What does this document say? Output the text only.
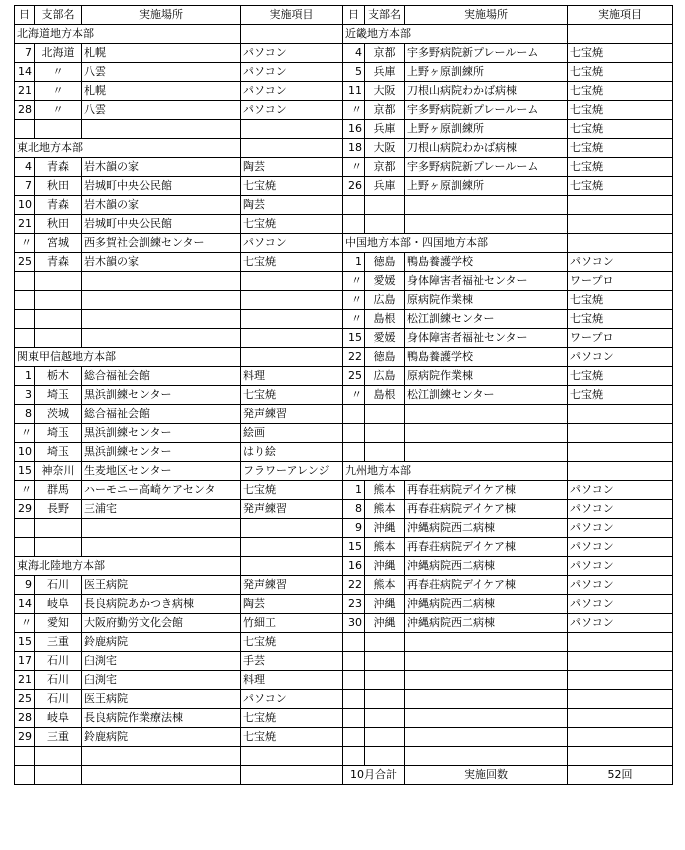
日	支部名	実施場所	実施項目
北海道地方本部			
7	北海道	札幌	パソコン
14	〃	八雲	パソコン
21	〃	札幌	パソコン
28	〃	八雲	パソコン

東北地方本部			
4	青森	岩木韻の家	陶芸
7	秋田	岩城町中央公民館	七宝焼
10	青森	岩木韻の家	陶芸
21	秋田	岩城町中央公民館	七宝焼
〃	宮城	西多賀社会訓練センター	パソコン
25	青森	岩木韻の家	七宝焼

関東甲信越地方本部			
1	栃木	総合福祉会館	料理
3	埼玉	黒浜訓練センター	七宝焼
8	茨城	総合福祉会館	発声練習
〃	埼玉	黒浜訓練センター	絵画
10	埼玉	黒浜訓練センター	はり絵
15	神奈川	生麦地区センター	フラワーアレンジ
〃	群馬	ハーモニー高崎ケアセンタ	七宝焼
29	長野	三浦宅	発声練習

東海北陸地方本部			
9	石川	医王病院	発声練習
14	岐阜	長良病院あかつき病棟	陶芸
〃	愛知	大阪府勤労文化会館	竹細工
15	三重	鈴鹿病院	七宝焼
17	石川	臼渕宅	手芸
21	石川	臼渕宅	料理
25	石川	医王病院	パソコン
28	岐阜	長良病院作業療法棟	七宝焼
29	三重	鈴鹿病院	七宝焼

日	支部名	実施場所	実施項目
近畿地方本部			
4	京都	宇多野病院新プレールーム	七宝焼
5	兵庫	上野ヶ原訓練所	七宝焼
11	大阪	刀根山病院わかば病棟	七宝焼
〃	京都	宇多野病院新プレールーム	七宝焼
16	兵庫	上野ヶ原訓練所	七宝焼
18	大阪	刀根山病院わかば病棟	七宝焼
〃	京都	宇多野病院新プレールーム	七宝焼
26	兵庫	上野ヶ原訓練所	七宝焼

中国地方本部・四国地方本部			
1	徳島	鴨島養護学校	パソコン
〃	愛媛	身体障害者福祉センター	ワープロ
〃	広島	原病院作業棟	七宝焼
〃	島根	松江訓練センター	七宝焼
15	愛媛	身体障害者福祉センター	ワープロ
22	徳島	鴨島養護学校	パソコン
25	広島	原病院作業棟	七宝焼
〃	島根	松江訓練センター	七宝焼

九州地方本部			
1	熊本	再春荘病院デイケア棟	パソコン
8	熊本	再春荘病院デイケア棟	パソコン
9	沖縄	沖縄病院西二病棟	パソコン
15	熊本	再春荘病院デイケア棟	パソコン
16	沖縄	沖縄病院西二病棟	パソコン
22	熊本	再春荘病院デイケア棟	パソコン
23	沖縄	沖縄病院西二病棟	パソコン
30	沖縄	沖縄病院西二病棟	パソコン

10月合計		実施回数	52回
